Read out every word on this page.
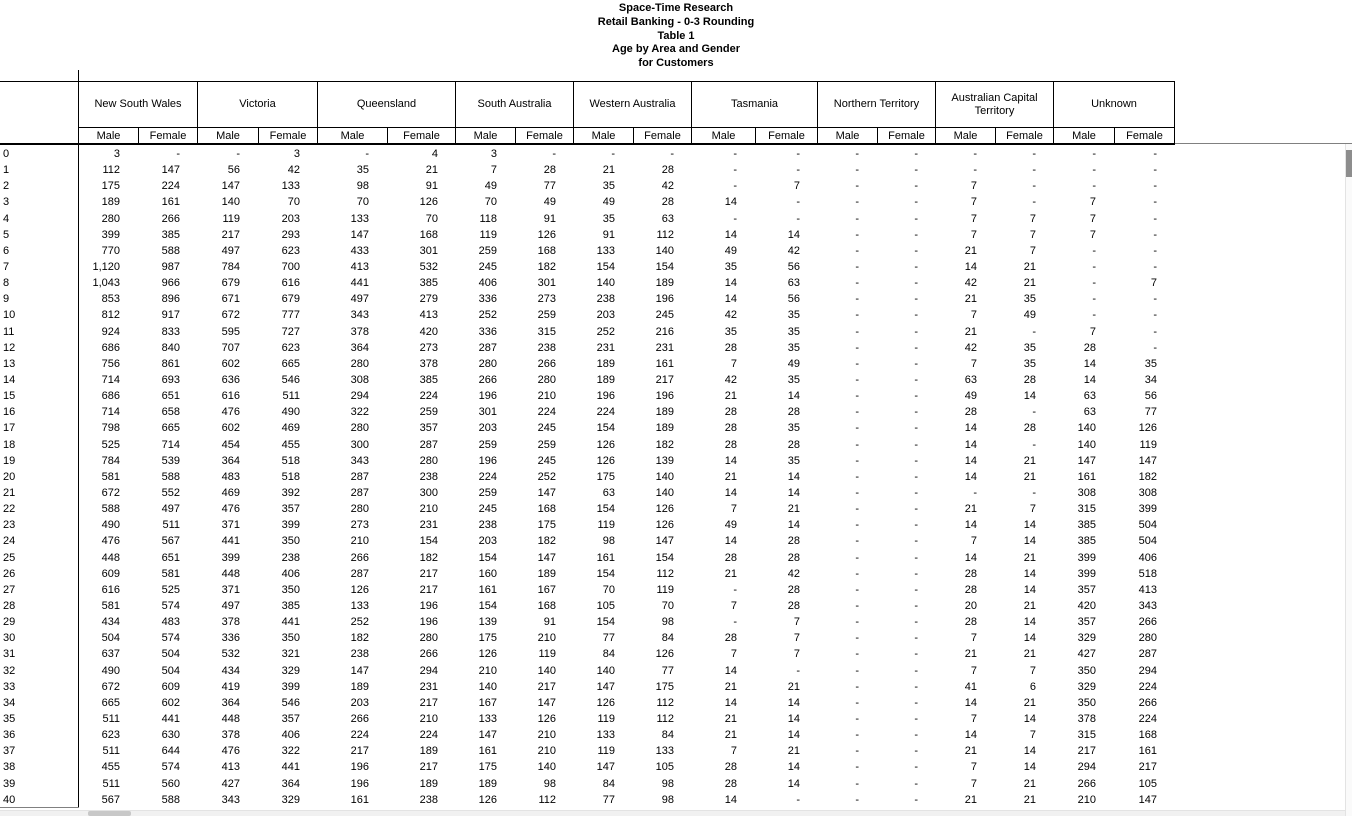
Space-Time Research
Retail Banking - 0-3 Rounding
Table 1
Age by Area and Gender
for Customers
New South Wales
Male	Female
Victoria
Male	Female
Queensland
Male	Female
South Australia
Male	Female
Western Australia
Male	Female
Tasmania
Male	Female
Northern Territory
Male	Female
Australian Capital Territory
Male	Female
Unknown
Male	Female
0	3	-	-	3	-	4	3	-	-	-	-	-	-	-	-	-	-	-
1	112	147	56	42	35	21	7	28	21	28	-	-	-	-	-	-	-	-
2	175	224	147	133	98	91	49	77	35	42	-	7	-	-	7	-	-	-
3	189	161	140	70	70	126	70	49	49	28	14	-	-	-	7	-	7	-
4	280	266	119	203	133	70	118	91	35	63	-	-	-	-	7	7	7	-
5	399	385	217	293	147	168	119	126	91	112	14	14	-	-	7	7	7	-
6	770	588	497	623	433	301	259	168	133	140	49	42	-	-	21	7	-	-
7	1,120	987	784	700	413	532	245	182	154	154	35	56	-	-	14	21	-	-
8	1,043	966	679	616	441	385	406	301	140	189	14	63	-	-	42	21	-	7
9	853	896	671	679	497	279	336	273	238	196	14	56	-	-	21	35	-	-
10	812	917	672	777	343	413	252	259	203	245	42	35	-	-	7	49	-	-
11	924	833	595	727	378	420	336	315	252	216	35	35	-	-	21	-	7	-
12	686	840	707	623	364	273	287	238	231	231	28	35	-	-	42	35	28	-
13	756	861	602	665	280	378	280	266	189	161	7	49	-	-	7	35	14	35
14	714	693	636	546	308	385	266	280	189	217	42	35	-	-	63	28	14	34
15	686	651	616	511	294	224	196	210	196	196	21	14	-	-	49	14	63	56
16	714	658	476	490	322	259	301	224	224	189	28	28	-	-	28	-	63	77
17	798	665	602	469	280	357	203	245	154	189	28	35	-	-	14	28	140	126
18	525	714	454	455	300	287	259	259	126	182	28	28	-	-	14	-	140	119
19	784	539	364	518	343	280	196	245	126	139	14	35	-	-	14	21	147	147
20	581	588	483	518	287	238	224	252	175	140	21	14	-	-	14	21	161	182
21	672	552	469	392	287	300	259	147	63	140	14	14	-	-	-	-	308	308
22	588	497	476	357	280	210	245	168	154	126	7	21	-	-	21	7	315	399
23	490	511	371	399	273	231	238	175	119	126	49	14	-	-	14	14	385	504
24	476	567	441	350	210	154	203	182	98	147	14	28	-	-	7	14	385	504
25	448	651	399	238	266	182	154	147	161	154	28	28	-	-	14	21	399	406
26	609	581	448	406	287	217	160	189	154	112	21	42	-	-	28	14	399	518
27	616	525	371	350	126	217	161	167	70	119	-	28	-	-	28	14	357	413
28	581	574	497	385	133	196	154	168	105	70	7	28	-	-	20	21	420	343
29	434	483	378	441	252	196	139	91	154	98	-	7	-	-	28	14	357	266
30	504	574	336	350	182	280	175	210	77	84	28	7	-	-	7	14	329	280
31	637	504	532	321	238	266	126	119	84	126	7	7	-	-	21	21	427	287
32	490	504	434	329	147	294	210	140	140	77	14	-	-	-	7	7	350	294
33	672	609	419	399	189	231	140	217	147	175	21	21	-	-	41	6	329	224
34	665	602	364	546	203	217	167	147	126	112	14	14	-	-	14	21	350	266
35	511	441	448	357	266	210	133	126	119	112	21	14	-	-	7	14	378	224
36	623	630	378	406	224	224	147	210	133	84	21	14	-	-	14	7	315	168
37	511	644	476	322	217	189	161	210	119	133	7	21	-	-	21	14	217	161
38	455	574	413	441	196	217	175	140	147	105	28	14	-	-	7	14	294	217
39	511	560	427	364	196	189	189	98	84	98	28	14	-	-	7	21	266	105
40	567	588	343	329	161	238	126	112	77	98	14	-	-	-	21	21	210	147
